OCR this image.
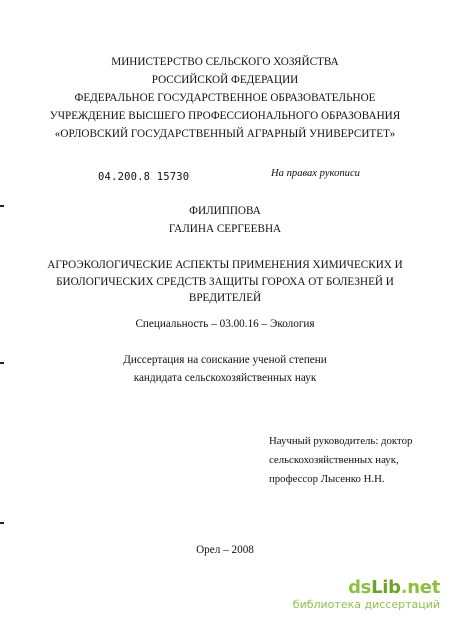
МИНИСТЕРСТВО СЕЛЬСКОГО ХОЗЯЙСТВА
РОССИЙСКОЙ ФЕДЕРАЦИИ
ФЕДЕРАЛЬНОЕ ГОСУДАРСТВЕННОЕ ОБРАЗОВАТЕЛЬНОЕ
УЧРЕЖДЕНИЕ ВЫСШЕГО ПРОФЕССИОНАЛЬНОГО ОБРАЗОВАНИЯ
«ОРЛОВСКИЙ ГОСУДАРСТВЕННЫЙ АГРАРНЫЙ УНИВЕРСИТЕТ»
04.200.8 15730	На правах рукописи
ФИЛИППОВА
ГАЛИНА СЕРГЕЕВНА
АГРОЭКОЛОГИЧЕСКИЕ АСПЕКТЫ ПРИМЕНЕНИЯ ХИМИЧЕСКИХ И
БИОЛОГИЧЕСКИХ СРЕДСТВ ЗАЩИТЫ ГОРОХА ОТ БОЛЕЗНЕЙ И
ВРЕДИТЕЛЕЙ
Специальность – 03.00.16 – Экология
Диссертация на соискание ученой степени
кандидата сельскохозяйственных наук
Научный руководитель: доктор
сельскохозяйственных наук,
профессор Лысенко Н.Н.
Орел – 2008
dsLib.net
библиотека диссертаций
